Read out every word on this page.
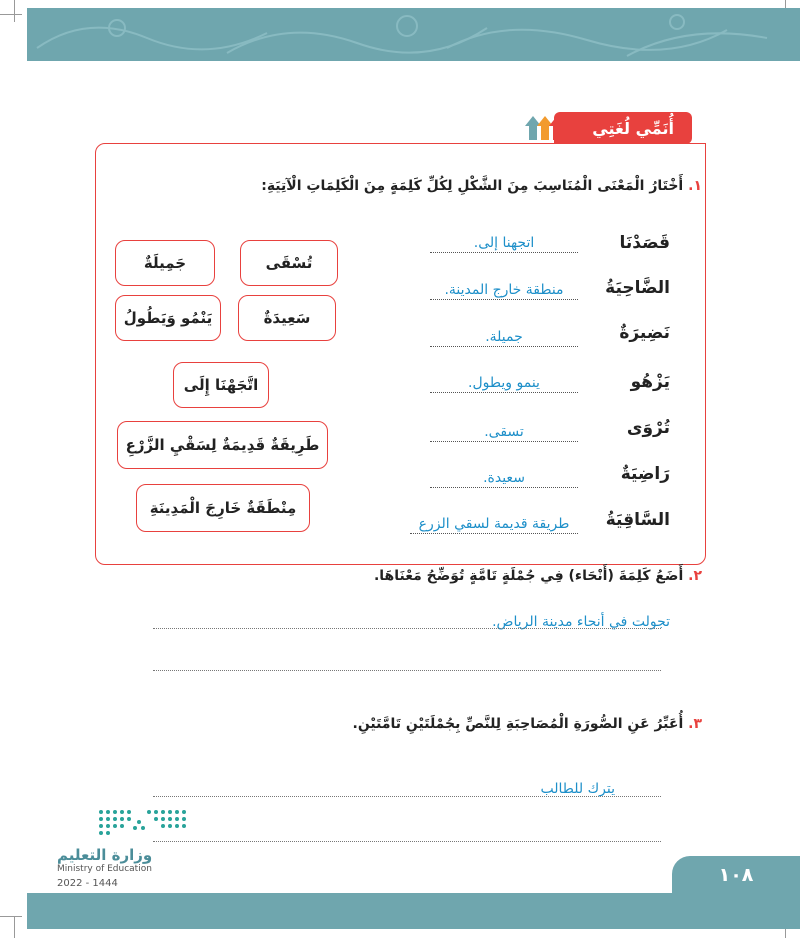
أُنَمِّي لُغَتِي
١. أَخْتَارُ الْمَعْنَى الْمُنَاسِبَ مِنَ الشَّكْلِ لِكُلِّ كَلِمَةٍ مِنَ الْكَلِمَاتِ الْآتِيَةِ:
قَصَدْنَا
اتجهنا إلى.
الضَّاحِيَةُ
منطقة خارج المدينة.
نَضِيرَةٌ
جميلة.
يَزْهُو
ينمو ويطول.
تُرْوَى
تسقى.
رَاضِيَةٌ
سعيدة.
السَّاقِيَةُ
طريقة قديمة لسقي الزرع
تُسْقَى
جَمِيلَةٌ
سَعِيدَةٌ
يَنْمُو وَيَطُولُ
اتَّجَهْنَا إِلَى
طَرِيقَةٌ قَدِيمَةٌ لِسَقْيِ الزَّرْعِ
مِنْطَقَةٌ خَارِجَ الْمَدِينَةِ
٢. أَضَعُ كَلِمَةَ (أَنْحَاء) فِي جُمْلَةٍ تَامَّةٍ تُوَضِّحُ مَعْنَاهَا.
تجولت في أنحاء مدينة الرياض.
٣. أُعَبِّرُ عَنِ الصُّورَةِ الْمُصَاحِبَةِ لِلنَّصِّ بِجُمْلَتَيْنِ تَامَّتَيْنِ.
يترك للطالب
وزارة التعليم
Ministry of Education
2022 - 1444	١٠٨
